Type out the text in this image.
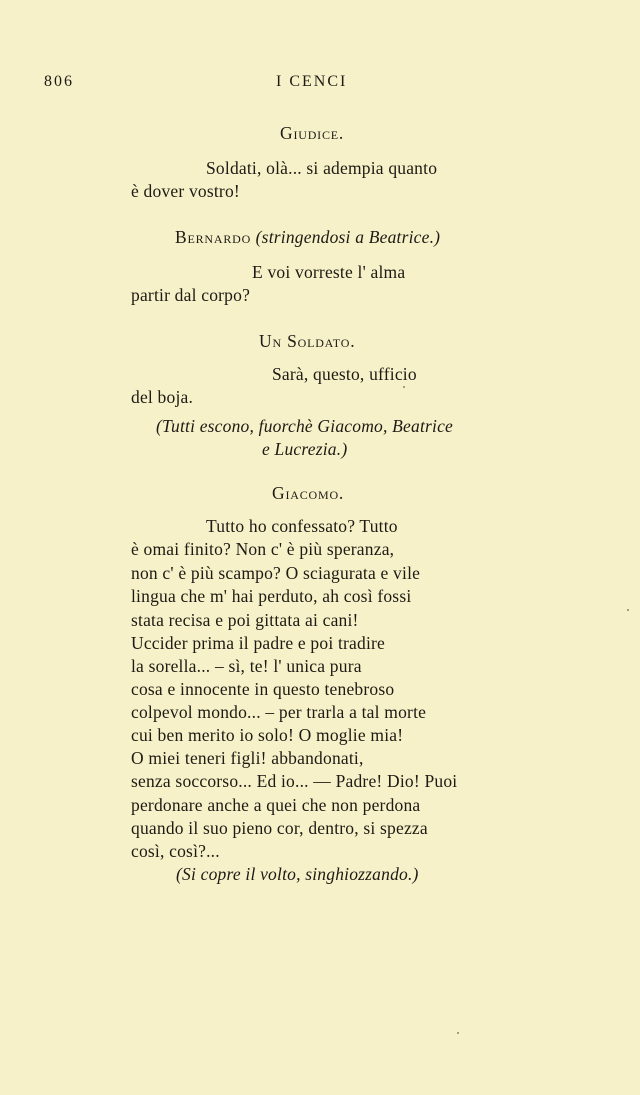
806	I CENCI
Giudice.
Soldati, olà... si adempia quanto
è dover vostro!
Bernardo (stringendosi a Beatrice.)
E voi vorreste l' alma
partir dal corpo?
Un Soldato.
Sarà, questo, ufficio
del boja.
(Tutti escono, fuorchè Giacomo, Beatrice
e Lucrezia.)
Giacomo.
Tutto ho confessato? Tutto
è omai finito? Non c' è più speranza,
non c' è più scampo? O sciagurata e vile
lingua che m' hai perduto, ah così fossi
stata recisa e poi gittata ai cani!
Uccider prima il padre e poi tradire
la sorella... – sì, te! l' unica pura
cosa e innocente in questo tenebroso
colpevol mondo... – per trarla a tal morte
cui ben merito io solo! O moglie mia!
O miei teneri figli! abbandonati,
senza soccorso... Ed io... — Padre! Dio! Puoi
perdonare anche a quei che non perdona
quando il suo pieno cor, dentro, si spezza
così, così?...
(Si copre il volto, singhiozzando.)
